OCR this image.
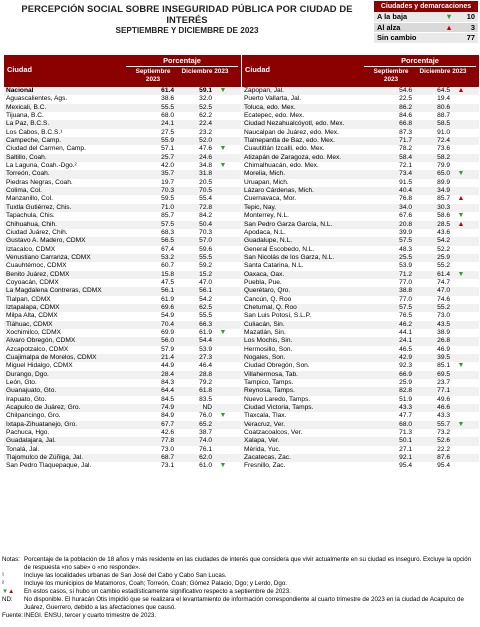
PERCEPCIÓN SOCIAL SOBRE INSEGURIDAD PÚBLICA POR CIUDAD DE INTERÉS
SEPTIEMBRE Y DICIEMBRE DE 2023
Ciudades y demarcaciones
A la baja	▼	10
Al alza	▲	3
Sin cambio	77
Ciudad
Porcentaje
Septiembre 2023
Diciembre 2023
Nacional	61.4	59.1	▼
Aguascalientes, Ags.	38.6	32.0
Mexicali, B.C.	55.5	52.5
Tijuana, B.C.	68.0	62.2
La Paz, B.C.S.	24.1	22.4
Los Cabos, B.C.S.¹	27.5	23.2
Campeche, Camp.	55.9	52.0
Ciudad del Carmen, Camp.	57.1	47.6	▼
Saltillo, Coah.	25.7	24.6
La Laguna, Coah.-Dgo.²	42.0	34.8	▼
Torreón, Coah.	35.7	31.8
Piedras Negras, Coah.	19.7	20.5
Colima, Col.	70.3	70.5
Manzanillo, Col.	59.5	55.4
Tuxtla Gutiérrez, Chis.	71.0	72.8
Tapachula, Chis.	85.7	84.2
Chihuahua, Chih.	57.5	50.4
Ciudad Juárez, Chih.	68.3	70.3
Gustavo A. Madero, CDMX	56.5	57.0
Iztacalco, CDMX	67.4	59.6
Venustiano Carranza, CDMX	53.2	55.5
Cuauhtémoc, CDMX	60.7	59.2
Benito Juárez, CDMX	15.8	15.2
Coyoacán, CDMX	47.5	47.0
La Magdalena Contreras, CDMX	56.1	56.1
Tlalpan, CDMX	61.9	54.2
Iztapalapa, CDMX	69.6	62.5
Milpa Alta, CDMX	54.9	55.5
Tláhuac, CDMX	70.4	66.3
Xochimilco, CDMX	69.9	61.9	▼
Álvaro Obregón, CDMX	56.0	54.4
Azcapotzalco, CDMX	57.9	53.9
Cuajimalpa de Morelos, CDMX	21.4	27.3
Miguel Hidalgo, CDMX	44.9	46.4
Durango, Dgo.	28.4	28.8
León, Gto.	84.3	79.2
Guanajuato, Gto.	64.4	61.8
Irapuato, Gto.	84.5	83.5
Acapulco de Juárez, Gro.	74.9	ND
Chilpancingo, Gro.	84.9	76.0	▼
Ixtapa-Zihuatanejo, Gro.	67.7	65.2
Pachuca, Hgo.	42.6	38.7
Guadalajara, Jal.	77.8	74.0
Tonalá, Jal.	73.0	76.1
Tlajomulco de Zúñiga, Jal.	68.7	62.0
San Pedro Tlaquepaque, Jal.	73.1	61.0	▼
Ciudad
Porcentaje
Septiembre 2023
Diciembre 2023
Zapopan, Jal.	54.6	64.5	▲
Puerto Vallarta, Jal.	22.5	19.4
Toluca, edo. Mex.	86.2	80.6
Ecatepec, edo. Mex.	84.6	88.7
Ciudad Nezahualcóyotl, edo. Mex.	66.8	58.5
Naucalpan de Juárez, edo. Mex.	87.3	91.0
Tlalnepantla de Baz, edo. Mex.	71.7	72.4
Cuautitlán Izcalli, edo. Mex.	78.2	73.6
Atizapán de Zaragoza, edo. Mex.	58.4	58.2
Chimalhuacán, edo. Mex.	72.1	79.9
Morelia, Mich.	73.4	65.0	▼
Uruapan, Mich.	91.5	89.9
Lázaro Cárdenas, Mich.	40.4	34.9
Cuernavaca, Mor.	76.8	85.7	▲
Tepic, Nay.	34.0	30.3
Monterrey, N.L.	67.6	58.6	▼
San Pedro Garza García, N.L.	20.8	28.5	▲
Apodaca, N.L.	39.9	43.6
Guadalupe, N.L.	57.5	54.2
General Escobedo, N.L.	48.3	52.2
San Nicolás de los Garza, N.L.	25.5	25.9
Santa Catarina, N.L.	53.9	55.2
Oaxaca, Oax.	71.2	61.4	▼
Puebla, Pue.	77.0	74.7
Querétaro, Qro.	38.8	47.0
Cancún, Q. Roo	77.0	74.6
Chetumal, Q. Roo	57.5	55.2
San Luis Potosí, S.L.P.	76.5	73.0
Culiacán, Sin.	46.2	43.5
Mazatlán, Sin.	44.1	38.9
Los Mochis, Sin.	24.1	26.8
Hermosillo, Son.	46.5	46.9
Nogales, Son.	42.9	39.5
Ciudad Obregón, Son.	92.3	85.1	▼
Villahermosa, Tab.	66.9	69.5
Tampico, Tamps.	25.9	23.7
Reynosa, Tamps.	82.8	77.1
Nuevo Laredo, Tamps.	51.9	49.6
Ciudad Victoria, Tamps.	43.3	46.6
Tlaxcala, Tlax.	47.7	43.3
Veracruz, Ver.	68.0	55.7	▼
Coatzacoalcos, Ver.	71.3	73.2
Xalapa, Ver.	50.1	52.6
Mérida, Yuc.	27.1	22.2
Zacatecas, Zac.	92.1	87.6
Fresnillo, Zac.	95.4	95.4
Notas: Porcentaje de la población de 18 años y más residente en las ciudades de interés que considera que vivir actualmente en su ciudad es inseguro. Excluye la opción de respuesta «no sabe» o «no responde».
¹	Incluye las localidades urbanas de San José del Cabo y Cabo San Lucas.
²	Incluye los municipios de Matamoros, Coah; Torreón, Coah; Gómez Palacio, Dgo; y Lerdo, Dgo.
▼▲	En estos casos, sí hubo un cambio estadísticamente significativo respecto a septiembre de 2023.
ND:	No disponible. El huracán Otis impidió que se realizara el levantamiento de información correspondiente al cuarto trimestre de 2023 en la ciudad de Acapulco de Juárez, Guerrero, debido a las afectaciones que causó.
Fuente: INEGI. ENSU, tercer y cuarto trimestre de 2023.
